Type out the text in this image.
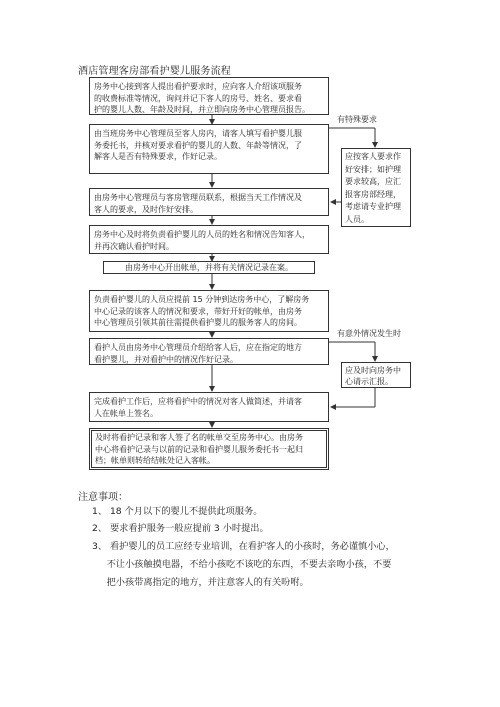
酒店管理客房部看护婴儿服务流程
房务中心接到客人提出看护要求时，应向客人介绍该项服务
的收费标准等情况，询问并记下客人的房号、姓名、要求看
护的婴儿人数、年龄及时间，并立即向房务中心管理员报告。
由当班房务中心管理员至客人房内，请客人填写看护婴儿服
务委托书，并核对要求看护的婴儿的人数、年龄等情况，了
解客人是否有特殊要求，作好记录。
由房务中心管理员与客房管理员联系，根据当天工作情况及
客人的要求，及时作好安排。
房务中心及时将负责看护婴儿的人员的姓名和情况告知客人，
并再次确认看护时间。
由房务中心开出帐单，并将有关情况记录在案。
负责看护婴儿的人员应提前 15 分钟到达房务中心，了解房务
中心记录的该客人的情况和要求，带好开好的帐单，由房务
中心管理员引领其前往需提供看护婴儿的服务客人的房间。
看护人员由房务中心管理员介绍给客人后，应在指定的地方
看护婴儿，并对看护中的情况作好记录。
完成看护工作后，应将看护中的情况对客人做简述，并请客
人在帐单上签名。
及时将看护记录和客人签了名的帐单交至房务中心。由房务
中心将看护记录与以前的记录和看护婴儿服务委托书一起归
档；帐单则转给结帐处记入客帐。
有特殊要求
应按客人要求作
好安排；如护理
要求较高，应汇
报客房部经理，
考虑请专业护理
人员。
有意外情况发生时
应及时向房务中
心请示汇报。
注意事项：
1、 18 个月以下的婴儿不提供此项服务。
2、 要求看护服务一般应提前 3 小时提出。
3、 看护婴儿的员工应经专业培训，在看护客人的小孩时，务必谨慎小心，
不让小孩触摸电器，不给小孩吃不该吃的东西，不要去亲吻小孩，不要
把小孩带离指定的地方，并注意客人的有关吩咐。
